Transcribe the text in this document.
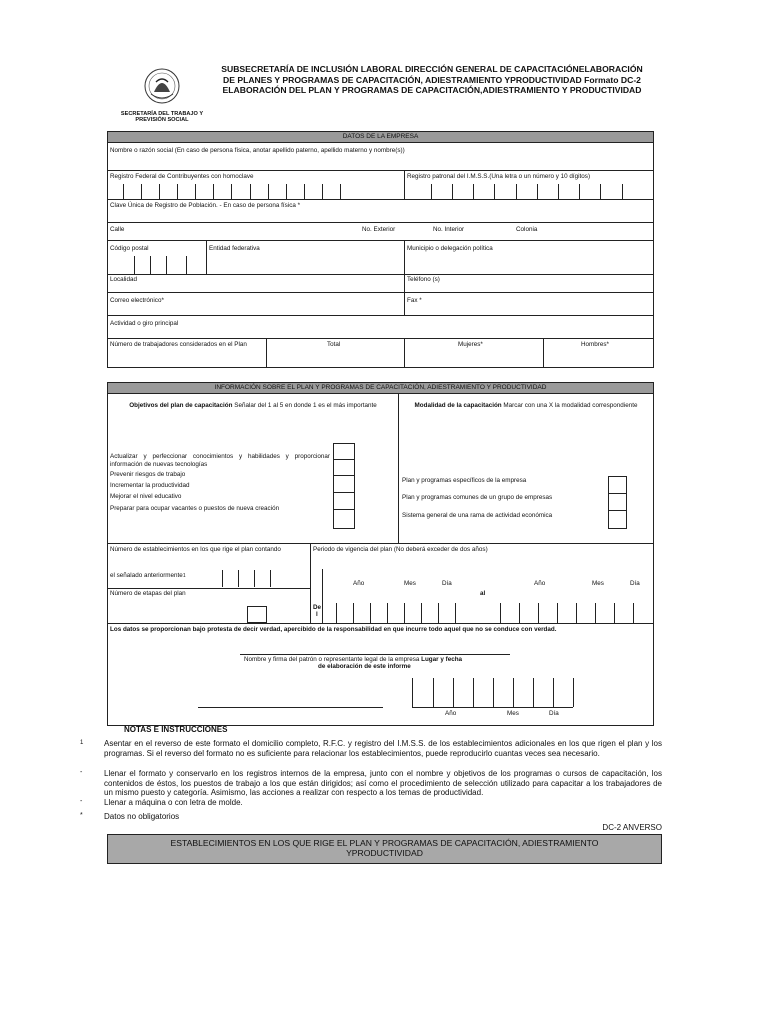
SECRETARÍA DEL TRABAJO Y PREVISIÓN SOCIAL
SUBSECRETARÍA DE INCLUSIÓN LABORAL DIRECCIÓN GENERAL DE CAPACITACIÓNELABORACIÓN
DE PLANES Y PROGRAMAS DE CAPACITACIÓN, ADIESTRAMIENTO YPRODUCTIVIDAD Formato DC-2
ELABORACIÓN DEL PLAN Y PROGRAMAS DE CAPACITACIÓN,ADIESTRAMIENTO Y PRODUCTIVIDAD
DATOS DE LA EMPRESA
Nombre o razón social (En caso de persona física, anotar apellido paterno, apellido materno y nombre(s))
Registro Federal de Contribuyentes con homoclave	Registro patronal del I.M.S.S.(Una letra o un número y 10 dígitos)
Clave Única de Registro de Población. - En caso de persona física *
Calle	No. Exterior	No. Interior	Colonia
Código postal	Entidad federativa	Municipio o delegación política
Localidad	Teléfono (s)
Correo electrónico*	Fax *
Actividad o giro principal
Número de trabajadores considerados en el Plan	Total	Mujeres*	Hombres*
INFORMACIÓN SOBRE EL PLAN Y PROGRAMAS DE CAPACITACIÓN, ADIESTRAMIENTO Y PRODUCTIVIDAD
Objetivos del plan de capacitación Señalar del 1 al 5 en donde 1 es el más importante	Modalidad de la capacitación Marcar con una X la modalidad correspondiente
Actualizar y perfeccionar conocimientos y habilidades y proporcionar información de nuevas tecnologías
Prevenir riesgos de trabajo
Incrementar la productividad
Mejorar el nivel educativo
Preparar para ocupar vacantes o puestos de nueva creación
Plan y programas específicos de la empresa
Plan y programas comunes de un grupo de empresas
Sistema general de una rama de actividad económica
Número de establecimientos en los que rige el plan contando
el señalado anteriormente1
Número de etapas del plan
Periodo de vigencia del plan (No deberá exceder de dos años)
Año	Mes	Día	Año	Mes	Día
al
De
l
Los datos se proporcionan bajo protesta de decir verdad, apercibido de la responsabilidad en que incurre todo aquel que no se conduce con verdad.
Nombre y firma del patrón o representante legal de la empresa Lugar y fecha
de elaboración de este informe
Año	Mes	Día
NOTAS E INSTRUCCIONES
1	Asentar en el reverso de este formato el domicilio completo, R.F.C. y registro del I.M.S.S. de los establecimientos adicionales en los que rigen el plan y los programas. Si el reverso del formato no es suficiente para relacionar los establecimientos, puede reproducirlo cuantas veces sea necesario.
-	Llenar el formato y conservarlo en los registros internos de la empresa, junto con el nombre y objetivos de los programas o cursos de capacitación, los contenidos de éstos, los puestos de trabajo a los que están dirigidos; así como el procedimiento de selección utilizado para capacitar a los trabajadores de un mismo puesto y categoría. Asimismo, las acciones a realizar con respecto a los temas de productividad.
-	Llenar a máquina o con letra de molde.
*	Datos no obligatorios
DC-2 ANVERSO
ESTABLECIMIENTOS EN LOS QUE RIGE EL PLAN Y PROGRAMAS DE CAPACITACIÓN, ADIESTRAMIENTO YPRODUCTIVIDAD
